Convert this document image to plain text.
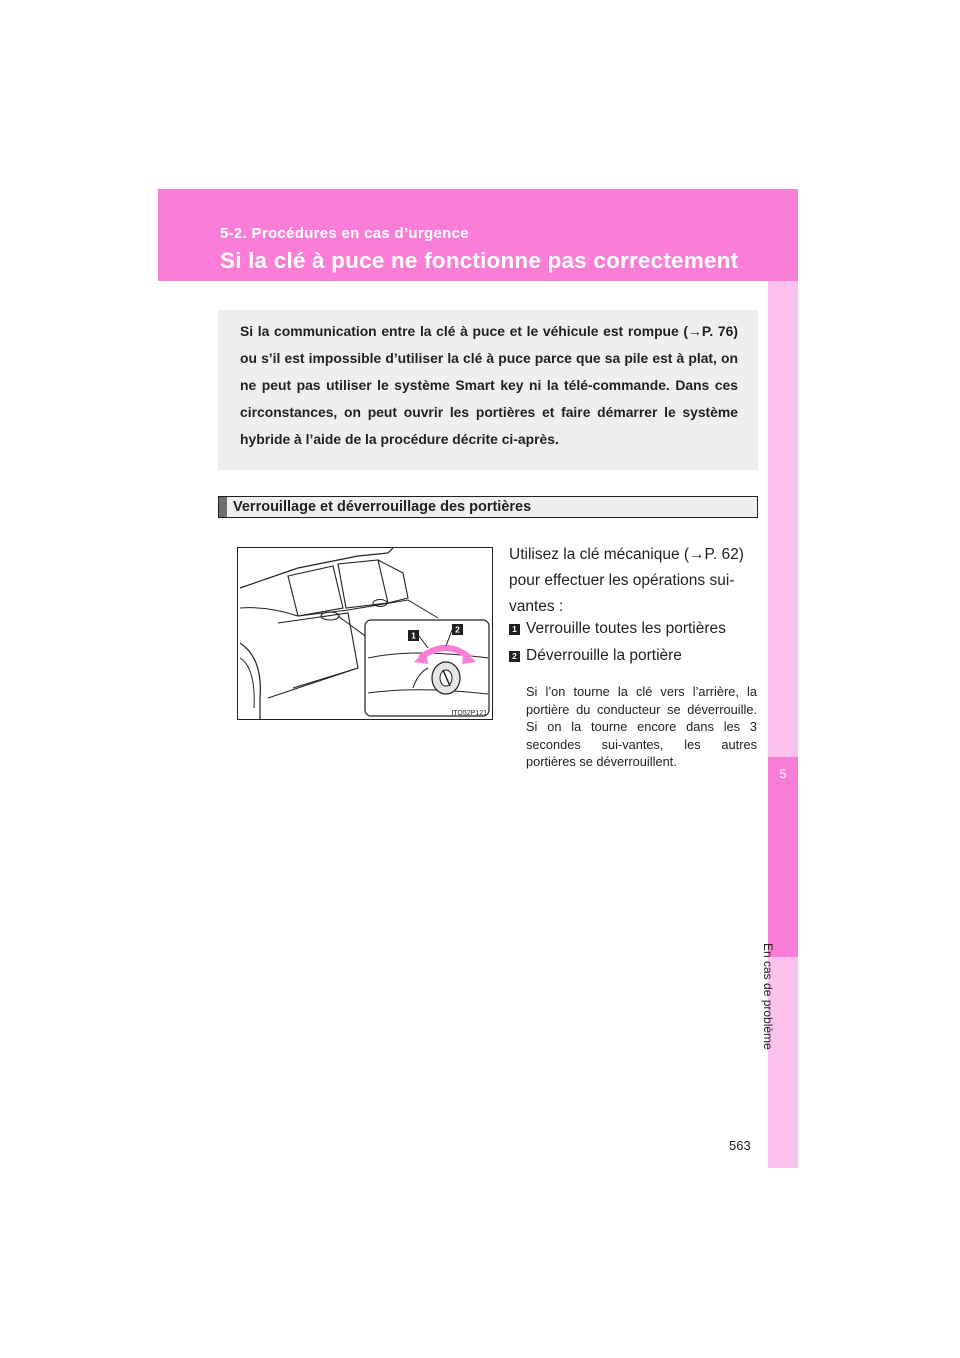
5-2. Procédures en cas d’urgence
Si la clé à puce ne fonctionne pas correctement
5
En cas de problème
Si la communication entre la clé à puce et le véhicule est rompue (→P. 76) ou s’il est impossible d’utiliser la clé à puce parce que sa pile est à plat, on ne peut pas utiliser le système Smart key ni la télé-commande. Dans ces circonstances, on peut ouvrir les portières et faire démarrer le système hybride à l’aide de la procédure décrite ci-après.
Verrouillage et déverrouillage des portières
1
2
ITO52P121
Utilisez la clé mécanique (→P. 62) pour effectuer les opérations sui-vantes :
1 Verrouille toutes les portières
2 Déverrouille la portière
Si l’on tourne la clé vers l’arrière, la portière du conducteur se déverrouille. Si on la tourne encore dans les 3 secondes sui-vantes, les autres portières se déverrouillent.
563
